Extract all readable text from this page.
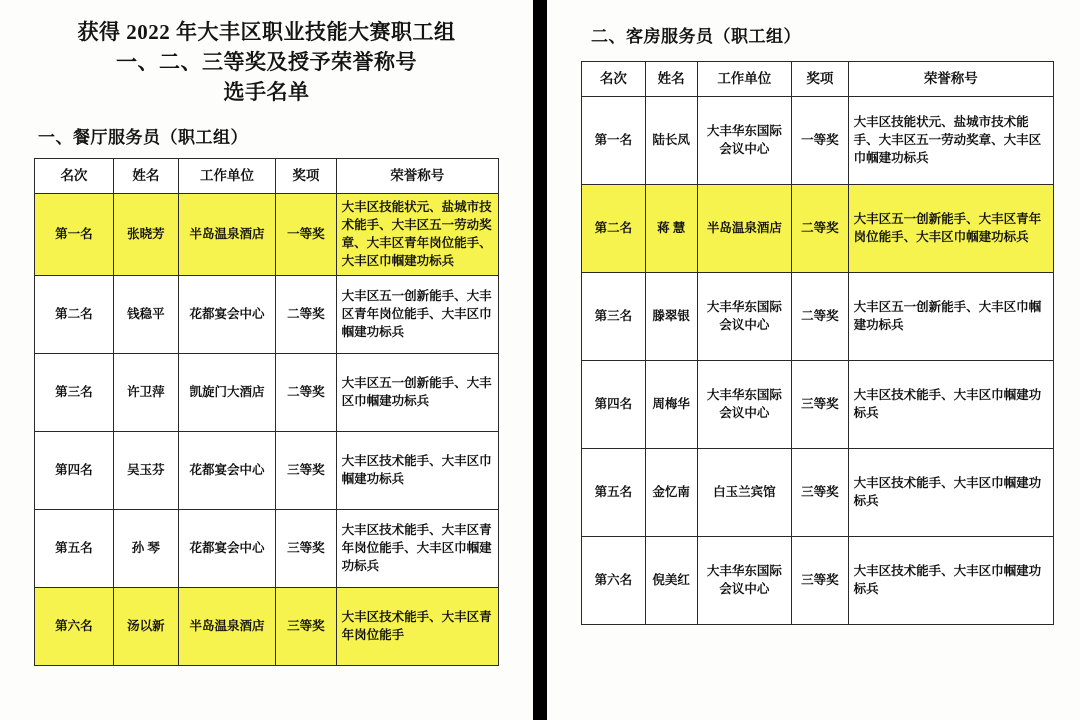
获得 2022 年大丰区职业技能大赛职工组
一、二、三等奖及授予荣誉称号
选手名单
一、餐厅服务员（职工组）
名次	姓名	工作单位	奖项	荣誉称号
第一名	张晓芳	半岛温泉酒店	一等奖	大丰区技能状元、盐城市技术能手、大丰区五一劳动奖章、大丰区青年岗位能手、大丰区巾帼建功标兵
第二名	钱稳平	花都宴会中心	二等奖	大丰区五一创新能手、大丰区青年岗位能手、大丰区巾帼建功标兵
第三名	许卫萍	凯旋门大酒店	二等奖	大丰区五一创新能手、大丰区巾帼建功标兵
第四名	吴玉芬	花都宴会中心	三等奖	大丰区技术能手、大丰区巾帼建功标兵
第五名	孙 琴	花都宴会中心	三等奖	大丰区技术能手、大丰区青年岗位能手、大丰区巾帼建功标兵
第六名	汤以新	半岛温泉酒店	三等奖	大丰区技术能手、大丰区青年岗位能手
二、客房服务员（职工组）
名次	姓名	工作单位	奖项	荣誉称号
第一名	陆长凤	大丰华东国际会议中心	一等奖	大丰区技能状元、盐城市技术能手、大丰区五一劳动奖章、大丰区巾帼建功标兵
第二名	蒋 慧	半岛温泉酒店	二等奖	大丰区五一创新能手、大丰区青年岗位能手、大丰区巾帼建功标兵
第三名	滕翠银	大丰华东国际会议中心	二等奖	大丰区五一创新能手、大丰区巾帼建功标兵
第四名	周梅华	大丰华东国际会议中心	三等奖	大丰区技术能手、大丰区巾帼建功标兵
第五名	金忆南	白玉兰宾馆	三等奖	大丰区技术能手、大丰区巾帼建功标兵
第六名	倪美红	大丰华东国际会议中心	三等奖	大丰区技术能手、大丰区巾帼建功标兵
